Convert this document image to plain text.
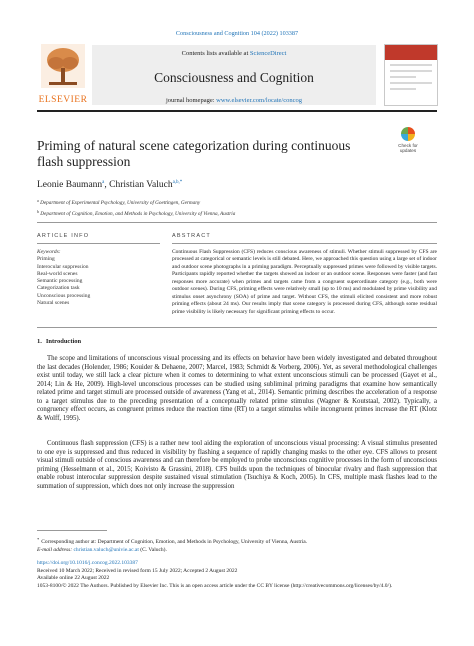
Consciousness and Cognition 104 (2022) 103387
Contents lists available at ScienceDirect
Consciousness and Cognition
journal homepage: www.elsevier.com/locate/concog
ELSEVIER
Priming of natural scene categorization during continuous flash suppression
Check for updates
Leonie Baumann$^a$, Christian Valuch$^{a,b,*}$
$^a$ Department of Experimental Psychology, University of Goettingen, Germany
$^b$ Department of Cognition, Emotion, and Methods in Psychology, University of Vienna, Austria
ARTICLE INFO	ABSTRACT
Keywords:
Priming
Interocular suppression
Real-world scenes
Semantic processing
Categorization task
Unconscious processing
Natural scenes
Continuous Flash Suppression (CFS) reduces conscious awareness of stimuli. Whether stimuli suppressed by CFS are processed at categorical or semantic levels is still debated. Here, we approached this question using a large set of indoor and outdoor scene photographs in a priming paradigm. Perceptually suppressed primes were followed by visible targets. Participants rapidly reported whether the targets showed an indoor or an outdoor scene. Responses were faster (and fast responses more accurate) when primes and targets came from a congruent superordinate category (e.g., both were outdoor scenes). During CFS, priming effects were relatively small (up to 10 ms) and modulated by prime visibility and stimulus onset asynchrony (SOA) of prime and target. Without CFS, the stimuli elicited consistent and more robust priming effects (about 24 ms). Our results imply that scene category is processed during CFS, although some residual prime visibility is likely necessary for significant priming effects to occur.
1. Introduction
The scope and limitations of unconscious visual processing and its effects on behavior have been widely investigated and debated throughout the last decades (Holender, 1986; Kouider & Dehaene, 2007; Marcel, 1983; Schmidt & Vorberg, 2006). Yet, as several methodological challenges exist until today, we still lack a clear picture when it comes to determining to what extent unconscious stimuli can be processed (Gayet et al., 2014; Lin & He, 2009). High-level unconscious processes can be studied using subliminal priming paradigms that examine how semantically related prime and target stimuli are processed outside of awareness (Yang et al., 2014). Semantic priming describes the acceleration of a response to a target stimulus due to the preceding presentation of a conceptually related prime stimulus (Wagner & Koutstaal, 2002). Typically, a congruency effect occurs, as congruent primes reduce the reaction time (RT) to a target stimulus while incongruent primes increase the RT (Klotz & Wolff, 1995).
Continuous flash suppression (CFS) is a rather new tool aiding the exploration of unconscious visual processing: A visual stimulus presented to one eye is suppressed and thus reduced in visibility by flashing a sequence of rapidly changing masks to the other eye. CFS allows to present visual stimuli outside of conscious awareness and can therefore be employed to probe unconscious cognitive processes in the form of unconscious priming (Hesselmann et al., 2015; Koivisto & Grassini, 2018). CFS builds upon the techniques of binocular rivalry and flash suppression that enable robust interocular suppression despite sustained visual stimulation (Tsuchiya & Koch, 2005). In CFS, multiple mask flashes lead to the summation of suppression, which does not only increase the suppression
* Corresponding author at: Department of Cognition, Emotion, and Methods in Psychology, University of Vienna, Austria.
E-mail address: christian.valuch@univie.ac.at (C. Valuch).
https://doi.org/10.1016/j.concog.2022.103387
Received 10 March 2022; Received in revised form 15 July 2022; Accepted 2 August 2022
Available online 22 August 2022
1053-8100/© 2022 The Authors. Published by Elsevier Inc. This is an open access article under the CC BY license (http://creativecommons.org/licenses/by/4.0/).
